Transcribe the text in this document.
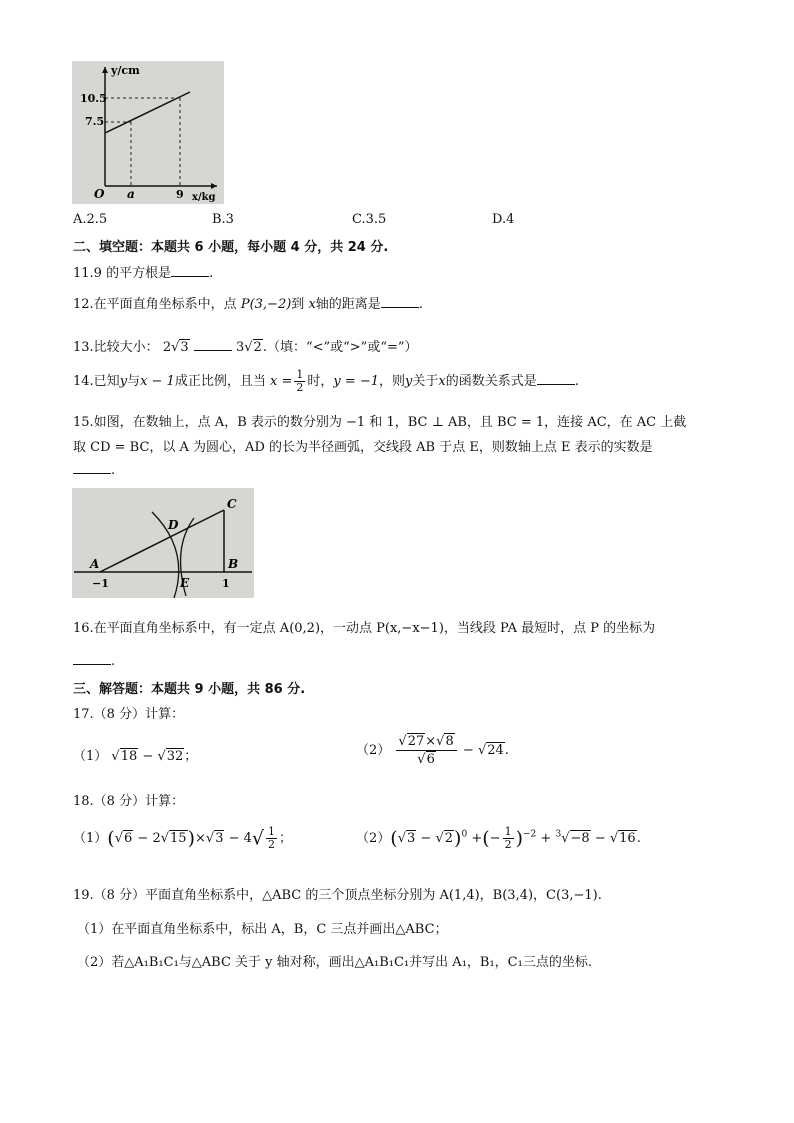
y/cm
10.5
7.5
O a	9 x/kg
A.2.5	B.3	C.3.5	D.4
二、填空题：本题共 6 小题，每小题 4 分，共 24 分.
11.9 的平方根是	.
12.在平面直角坐标系中，点 P(3,−2)到 x轴的距离是	.
13.比较大小： 2√3	3√2.（填：“<”或“>”或“=”）
14.已知y与x − 1成正比例，且当 $x = \frac{1}{2}$ 时，y = −1，则y关于x的函数关系式是	.
15.如图，在数轴上，点 A，B 表示的数分别为 −1 和 1，BC ⊥ AB，且 BC = 1，连接 AC，在 AC 上截
取 CD = BC，以 A 为圆心，AD 的长为半径画弧，交线段 AB 于点 E，则数轴上点 E 表示的实数是
.
C
D
A	B
−1	E	1
16.在平面直角坐标系中，有一定点 A(0,2)，一动点 P(x,−x−1)，当线段 PA 最短时，点 P 的坐标为
.
三、解答题：本题共 9 小题，共 86 分.
17.（8 分）计算：
（1） √18 − √32；	$(2) \frac{√27\times√8}{√6} - √24$.
18.（8 分）计算：
$(1)(√6 - 2√15)\times√3 - 4√ \frac{1}{2}$ ；	$(2)(√3 - √2)^0$ +(− $\frac{1}{2} )^{-2} + ^3√-8 - √16$.
19.（8 分）平面直角坐标系中，△ABC 的三个顶点坐标分别为 A(1,4)，B(3,4)，C(3,−1).
（1）在平面直角坐标系中，标出 A，B，C 三点并画出△ABC；
（2）若△A₁B₁C₁与△ABC 关于 y 轴对称，画出△A₁B₁C₁并写出 A₁，B₁，C₁三点的坐标.
